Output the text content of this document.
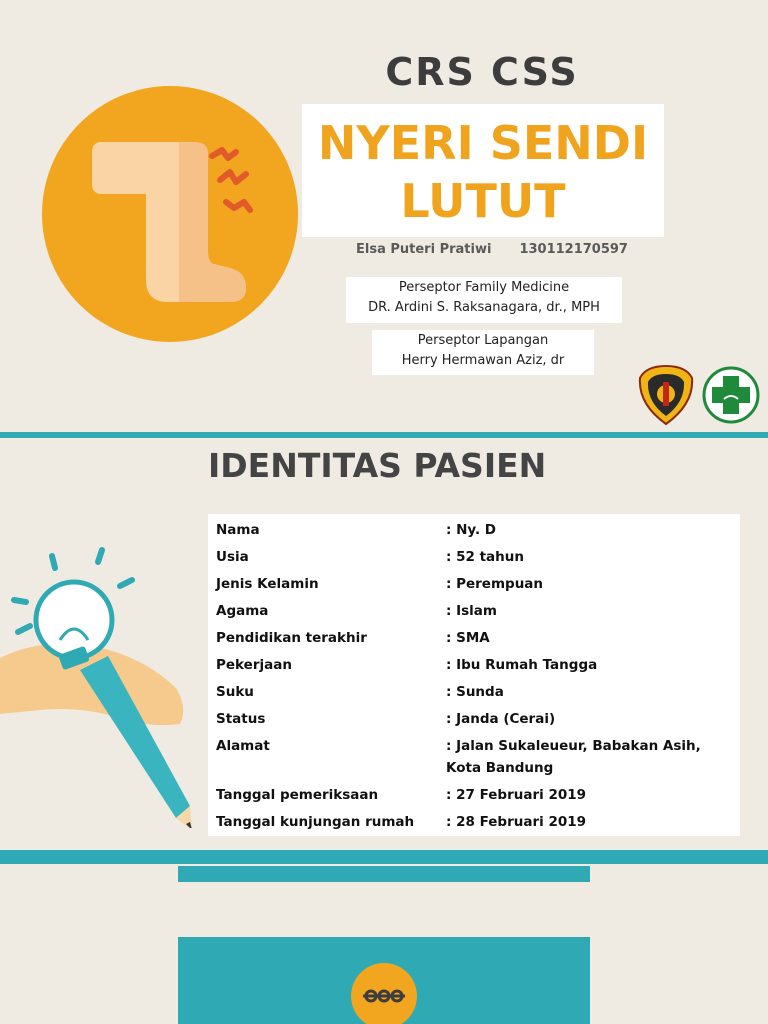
CRS CSS
NYERI SENDI
LUTUT
Elsa Puteri Pratiwi 130112170597
Perseptor Family Medicine
DR. Ardini S. Raksanagara, dr., MPH
Perseptor Lapangan
Herry Hermawan Aziz, dr
IDENTITAS PASIEN
Nama	: Ny. D
Usia	: 52 tahun
Jenis Kelamin	: Perempuan
Agama	: Islam
Pendidikan terakhir	: SMA
Pekerjaan	: Ibu Rumah Tangga
Suku	: Sunda
Status	: Janda (Cerai)
Alamat	: Jalan Sukaleueur, Babakan Asih, Kota Bandung
Tanggal pemeriksaan	: 27 Februari 2019
Tanggal kunjungan rumah	: 28 Februari 2019
